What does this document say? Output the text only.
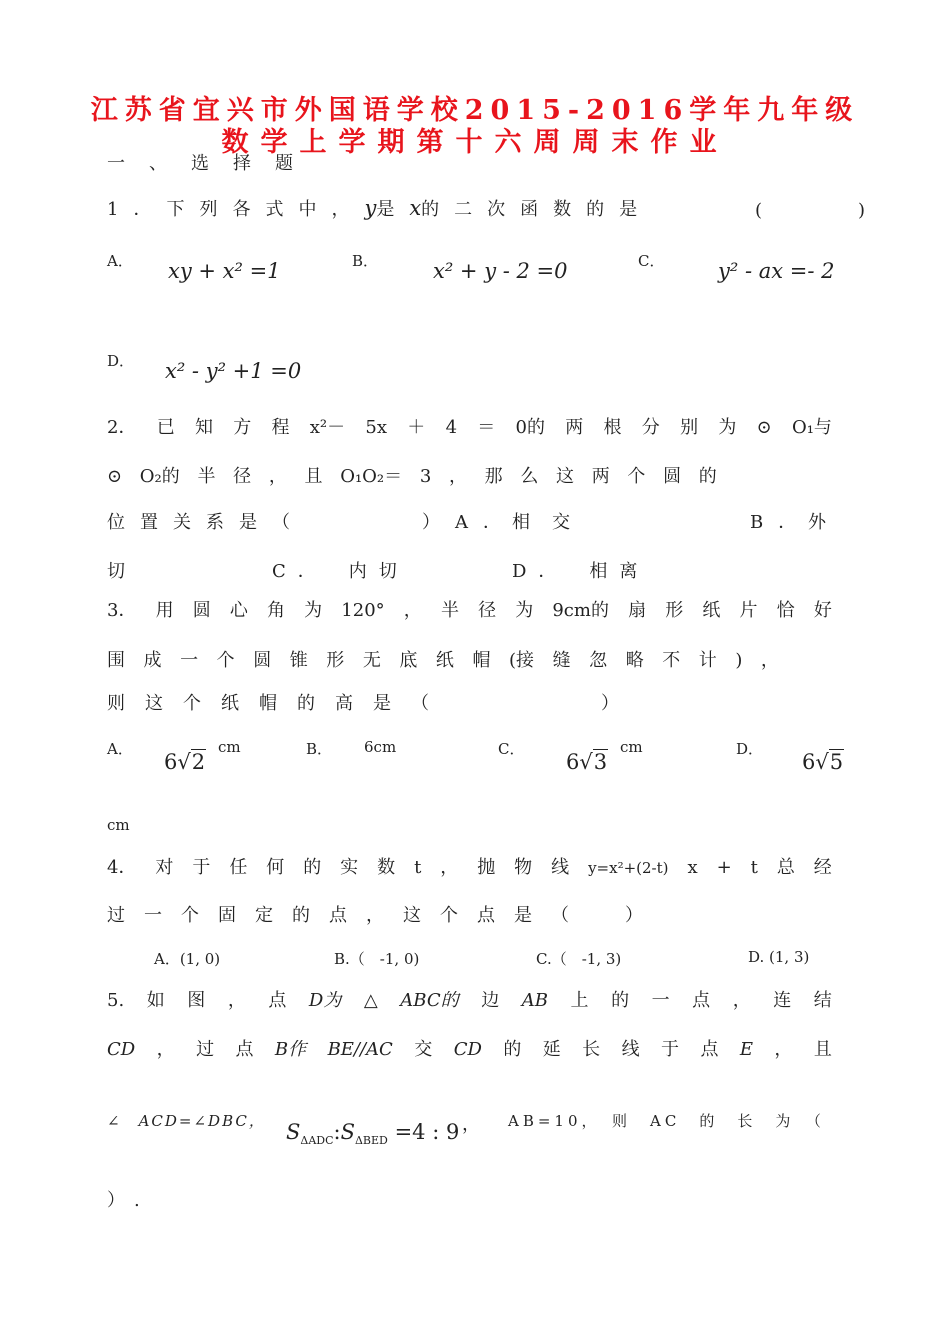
江苏省宜兴市外国语学校2015-2016学年九年级
数学上学期第十六周周末作业
一、选择题
1．下列各式中，y是x的二次函数的是	(　　)
A． xy + x² =1	B．	x² + y - 2 =0	C．	y² - ax =- 2
D． x² - y² +1 =0
2． 已 知 方 程 x²－ 5x ＋ 4 ＝ 0的 两 根 分 别 为 ⊙ O₁与
⊙ O₂的 半 径 ， 且 O₁O₂＝ 3 ， 那 么 这 两 个 圆 的
位置关系是（	）A．
相交	B．
外
切	C．　内切	D．　相离
3． 用 圆 心 角 为 120° ， 半 径 为 9cm的 扇 形 纸 片 恰 好
围 成 一 个 圆 锥 形 无 底 纸 帽 (接 缝 忽 略 不 计 ) ，
则这个纸帽的高是（　　　　）
A．
6√2
cm	B． 6cm	C．
6√3
cm	D．
6√5
cm
4． 对 于 任 何 的 实 数 t ， 抛 物 线 y=x²+(2-t) x + t 总 经
过一个固定的点，这个点是（　）
A．(1, 0)	B.（　-1, 0)	C.（　-1, 3)	D. (1, 3)
5. 如 图 ， 点 D为 △ ABC的 边 AB 上 的 一 点 ， 连 结
CD ， 过 点 B作 BE//AC 交 CD 的 延 长 线 于 点 E ， 且
∠　ACD=∠DBC， $S_{\Delta ADC}:S_{\Delta BED} =4$ : 9 ， AB=10，　则　AC　的　长　为　（
）　.
